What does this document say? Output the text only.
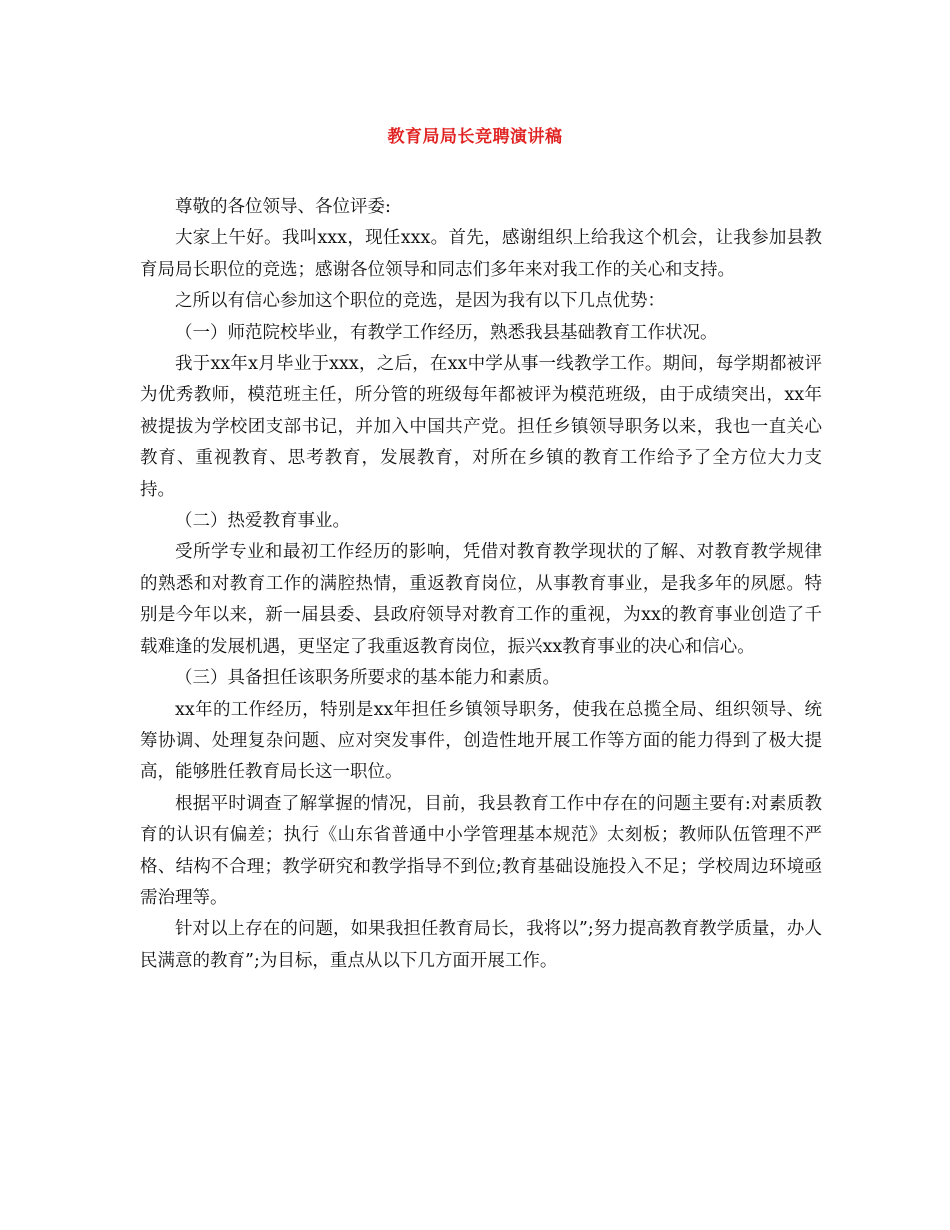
教育局局长竞聘演讲稿

尊敬的各位领导、各位评委:

大家上午好。我叫xxx，现任xxx。首先，感谢组织上给我这个机会，让我参加县教育局局长职位的竞选；感谢各位领导和同志们多年来对我工作的关心和支持。

之所以有信心参加这个职位的竞选，是因为我有以下几点优势：

（一）师范院校毕业，有教学工作经历，熟悉我县基础教育工作状况。

我于xx年x月毕业于xxx，之后，在xx中学从事一线教学工作。期间，每学期都被评为优秀教师，模范班主任，所分管的班级每年都被评为模范班级，由于成绩突出，xx年被提拔为学校团支部书记，并加入中国共产党。担任乡镇领导职务以来，我也一直关心教育、重视教育、思考教育，发展教育，对所在乡镇的教育工作给予了全方位大力支持。

（二）热爱教育事业。

受所学专业和最初工作经历的影响，凭借对教育教学现状的了解、对教育教学规律的熟悉和对教育工作的满腔热情，重返教育岗位，从事教育事业，是我多年的夙愿。特别是今年以来，新一届县委、县政府领导对教育工作的重视，为xx的教育事业创造了千载难逢的发展机遇，更坚定了我重返教育岗位，振兴xx教育事业的决心和信心。

（三）具备担任该职务所要求的基本能力和素质。

xx年的工作经历，特别是xx年担任乡镇领导职务，使我在总揽全局、组织领导、统筹协调、处理复杂问题、应对突发事件，创造性地开展工作等方面的能力得到了极大提高，能够胜任教育局长这一职位。

根据平时调查了解掌握的情况，目前，我县教育工作中存在的问题主要有:对素质教育的认识有偏差；执行《山东省普通中小学管理基本规范》太刻板；教师队伍管理不严格、结构不合理；教学研究和教学指导不到位;教育基础设施投入不足；学校周边环境亟需治理等。

针对以上存在的问题，如果我担任教育局长，我将以”;努力提高教育教学质量，办人民满意的教育”;为目标，重点从以下几方面开展工作。
